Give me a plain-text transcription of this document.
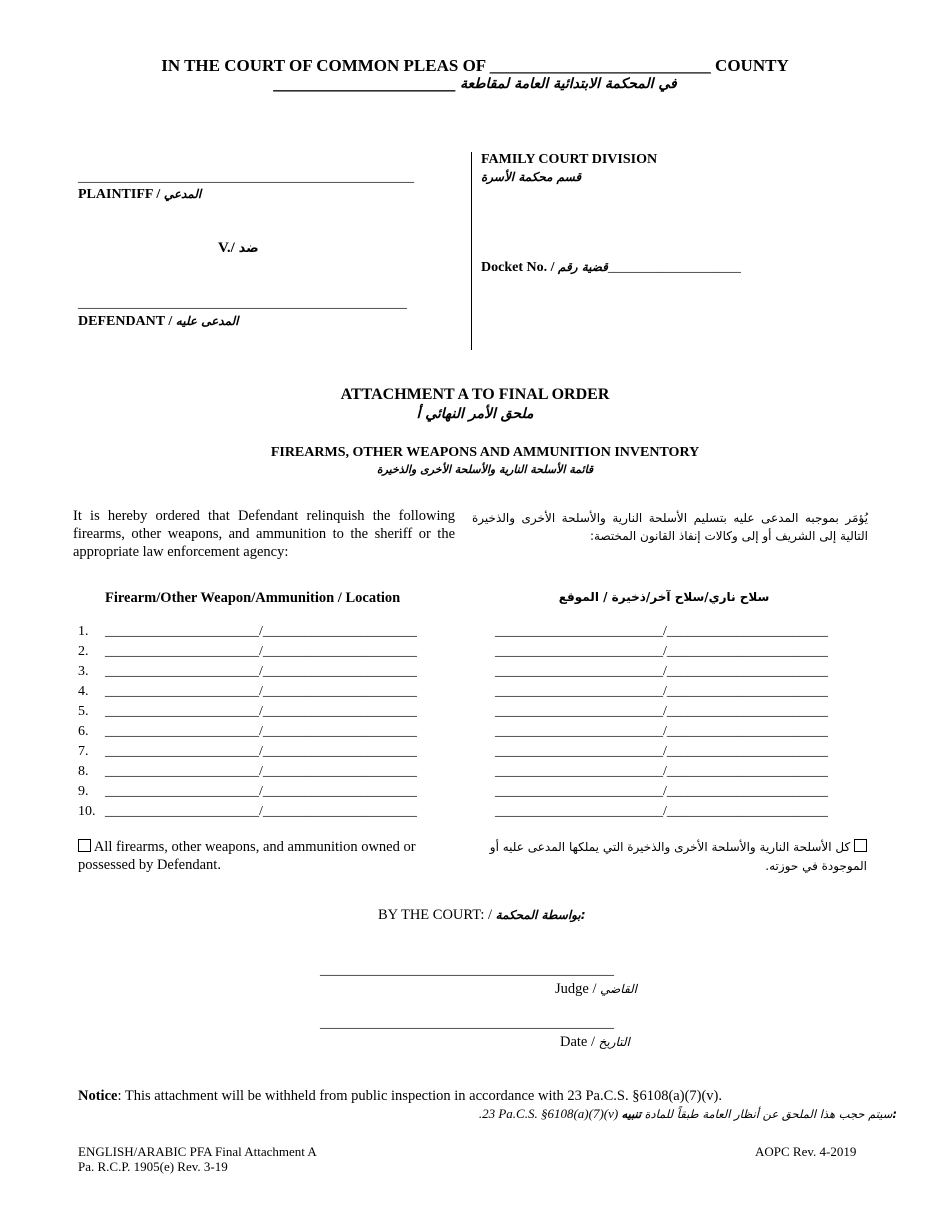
IN THE COURT OF COMMON PLEAS OF __________________________ COUNTY
في المحكمة الابتدائية العامة لمقاطعة __________________________
________________________________________________
PLAINTIFF / المدعي
V./ ضد
_______________________________________________
DEFENDANT / المدعى عليه
FAMILY COURT DIVISION
قسم محكمة الأسرة
Docket No. / قضية رقم___________________
ATTACHMENT A TO FINAL ORDER
ملحق الأمر النهائي أ
FIREARMS, OTHER WEAPONS AND AMMUNITION INVENTORY
قائمة الأسلحة النارية والأسلحة الأخرى والذخيرة
It is hereby ordered that Defendant relinquish the following firearms, other weapons, and ammunition to the sheriff or the appropriate law enforcement agency:
يُؤمَر بموجبه المدعى عليه بتسليم الأسلحة النارية والأسلحة الأخرى والذخيرة التالية إلى الشريف أو إلى وكالات إنفاذ القانون المختصة:
Firearm/Other Weapon/Ammunition / Location	سلاح ناري/سلاح آخر/ذخيرة / الموقع
1. ______________________/______________________
2. ______________________/______________________
3. ______________________/______________________
4. ______________________/______________________
5. ______________________/______________________
6. ______________________/______________________
7. ______________________/______________________
8. ______________________/______________________
9. ______________________/______________________
10. ______________________/______________________
________________________/_______________________
________________________/_______________________
________________________/_______________________
________________________/_______________________
________________________/_______________________
________________________/_______________________
________________________/_______________________
________________________/_______________________
________________________/_______________________
________________________/_______________________
All firearms, other weapons, and ammunition owned or possessed by Defendant.
كل الأسلحة النارية والأسلحة الأخرى والذخيرة التي يملكها المدعى عليه أو الموجودة في حوزته.
BY THE COURT: / بواسطة المحكمة:
__________________________________________
Judge / القاضي
__________________________________________
Date / التاريخ
Notice: This attachment will be withheld from public inspection in accordance with 23 Pa.C.S. §6108(a)(7)(v).
.23 Pa.C.S. §6108(a)(7)(v) سيتم حجب هذا الملحق عن أنظار العامة طبقاً للمادة تنبيه:
ENGLISH/ARABIC PFA Final Attachment A
Pa. R.C.P. 1905(e) Rev. 3-19
AOPC Rev. 4-2019
